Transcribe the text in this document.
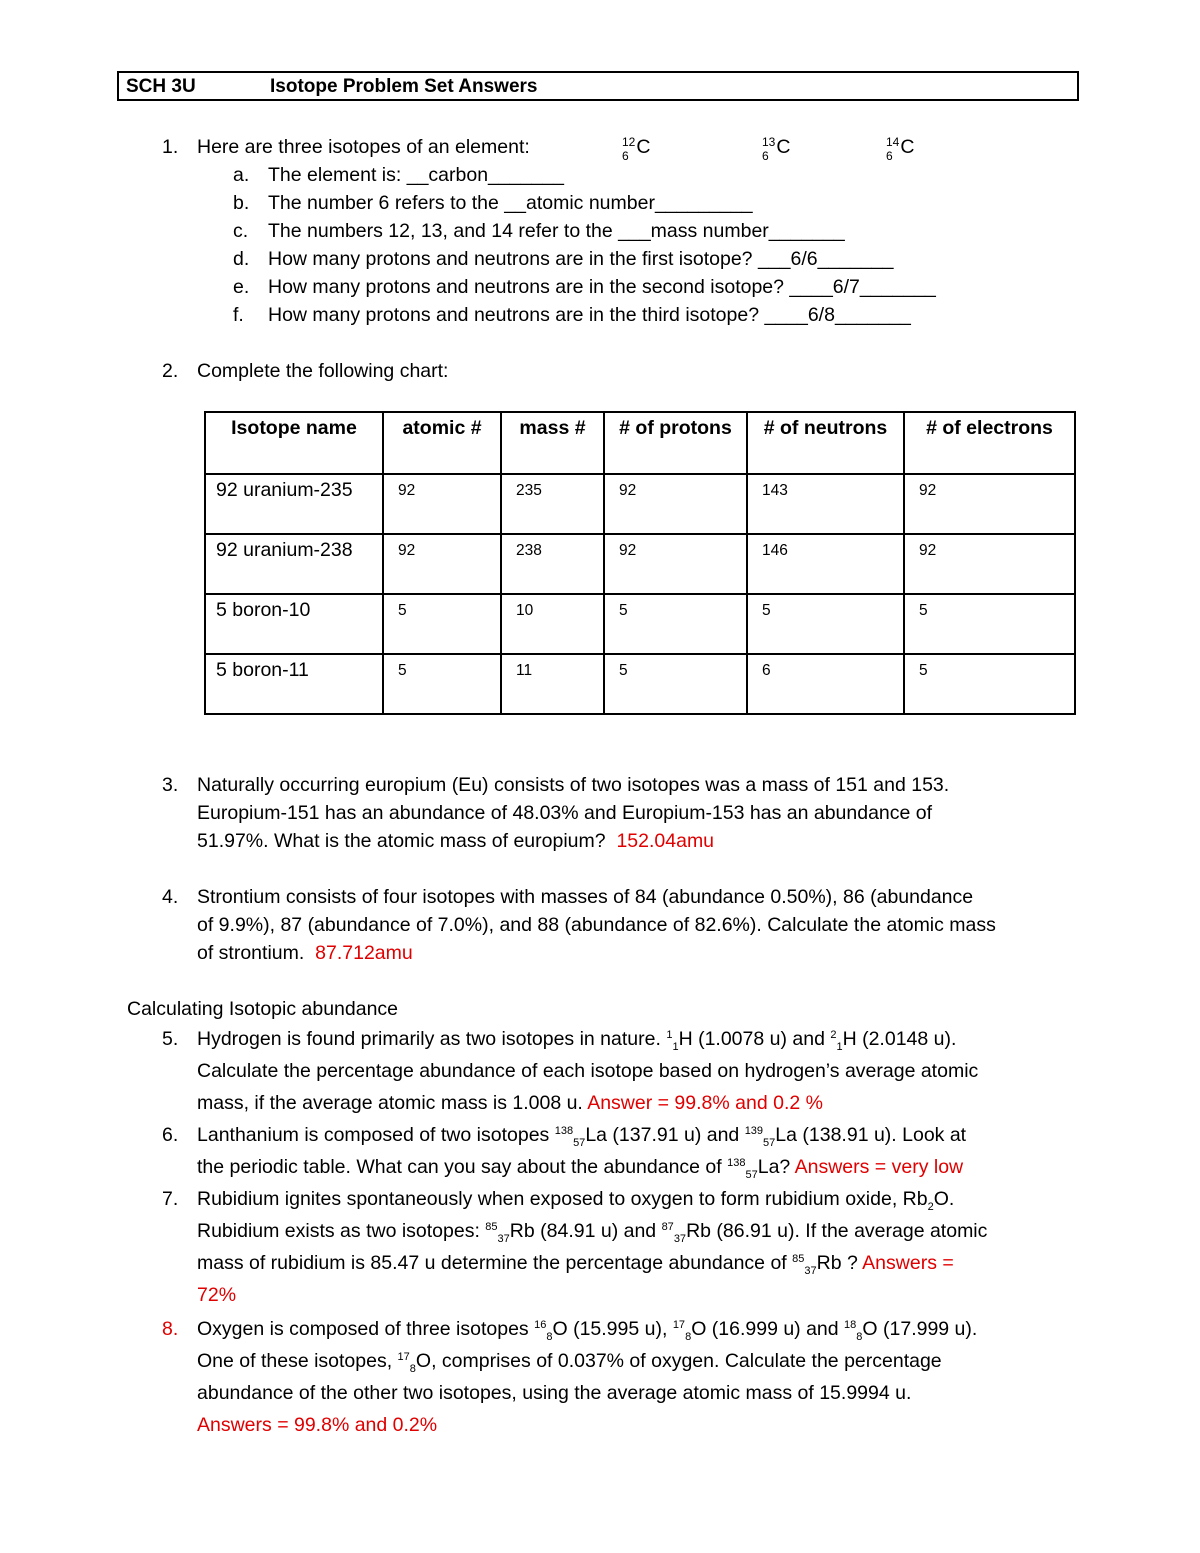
SCH 3U	Isotope Problem Set Answers
1. Here are three isotopes of an element:	6
$^{12}$C	6
$^{13}$C	6
$^{14}$C
a. The element is: __carbon_______
b. The number 6 refers to the __atomic number_________
c. The numbers 12, 13, and 14 refer to the ___mass number_______
d. How many protons and neutrons are in the first isotope? ___6/6_______
e. How many protons and neutrons are in the second isotope? ____6/7_______
f. How many protons and neutrons are in the third isotope? ____6/8_______
2. Complete the following chart:
Isotope name	atomic #	mass #	# of protons	# of neutrons	# of electrons
92 uranium-235	92	235	92	143	92
92 uranium-238	92	238	92	146	92
5 boron-10	5	10	5	5	5
5 boron-11	5	11	5	6	5
3. Naturally occurring europium (Eu) consists of two isotopes was a mass of 151 and 153.
Europium-151 has an abundance of 48.03% and Europium-153 has an abundance of
51.97%. What is the atomic mass of europium? 152.04amu
4. Strontium consists of four isotopes with masses of 84 (abundance 0.50%), 86 (abundance
of 9.9%), 87 (abundance of 7.0%), and 88 (abundance of 82.6%). Calculate the atomic mass
of strontium. 87.712amu
Calculating Isotopic abundance
5. Hydrogen is found primarily as two isotopes in nature. $^1_1$H (1.0078 u) and $^2_1$H (2.0148 u).
Calculate the percentage abundance of each isotope based on hydrogen’s average atomic
mass, if the average atomic mass is 1.008 u. Answer = 99.8% and 0.2 %
6. Lanthanium is composed of two isotopes $^{138}_{57}$La (137.91 u) and $^{139}_{57}$La (138.91 u). Look at
the periodic table. What can you say about the abundance of $^{138}_{57}$La? Answers = very low
7. Rubidium ignites spontaneously when exposed to oxygen to form rubidium oxide, $Rb_2O$.
Rubidium exists as two isotopes: $^{85}_{37}$Rb (84.91 u) and $^{87}_{37}$Rb (86.91 u). If the average atomic
mass of rubidium is 85.47 u determine the percentage abundance of $^{85}_{37}$Rb ? Answers =
72%
8. Oxygen is composed of three isotopes $^{16}_8$O (15.995 u), $^{17}_8$O (16.999 u) and $^{18}_8$O (17.999 u).
One of these isotopes, $^{17}_8$O, comprises of 0.037% of oxygen. Calculate the percentage
abundance of the other two isotopes, using the average atomic mass of 15.9994 u.
Answers = 99.8% and 0.2%
